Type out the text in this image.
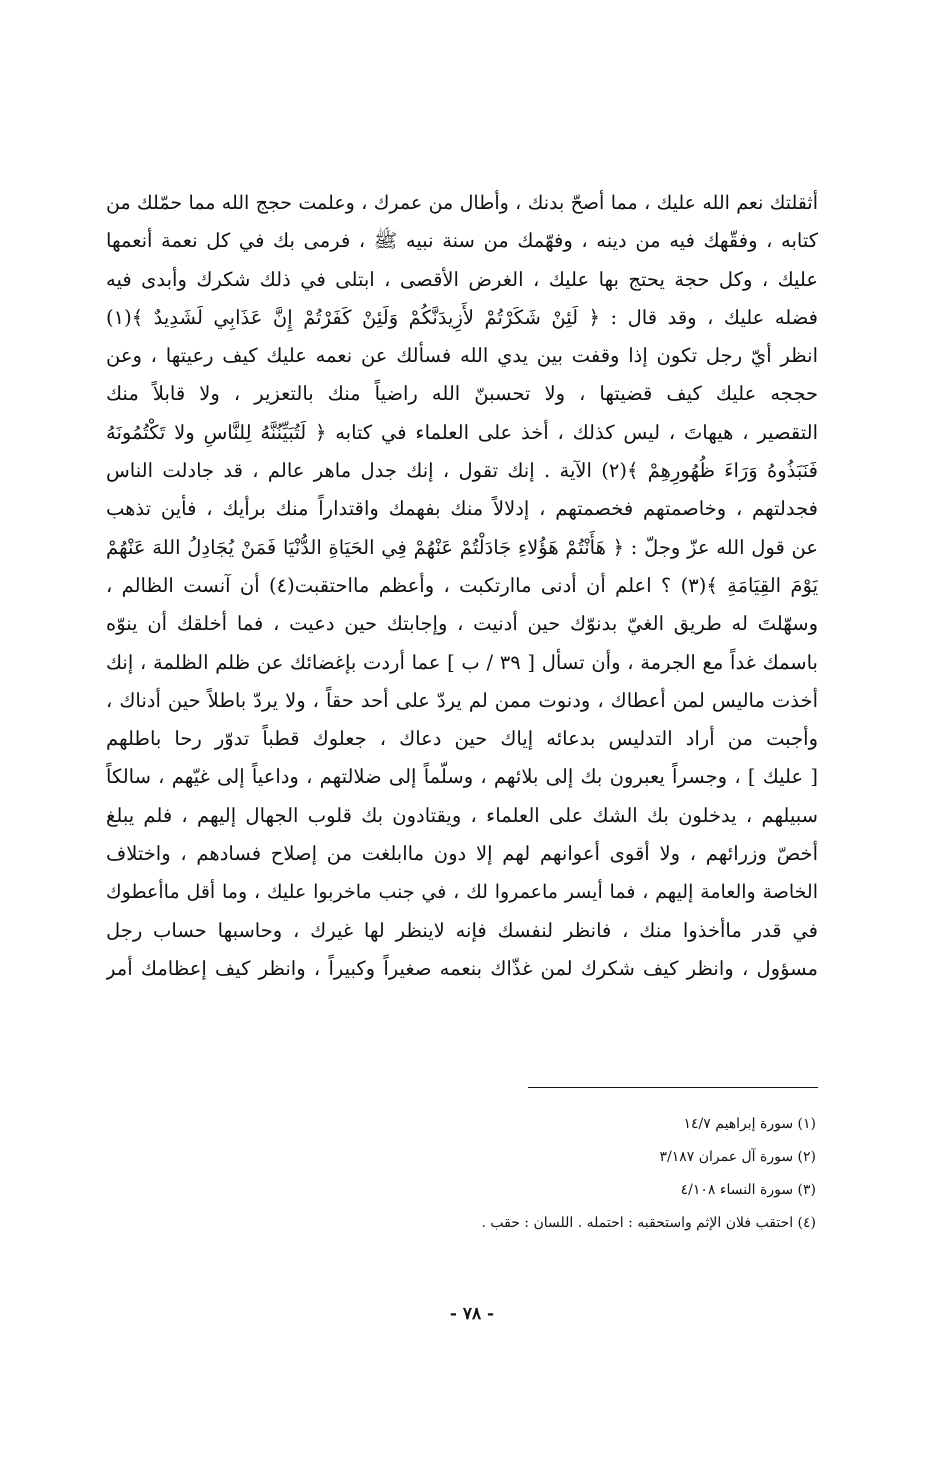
أثقلتك نعم الله عليك ، مما أصحّ بدنك ، وأطال من عمرك ، وعلمت حجج الله مما حمّلك من
كتابه ، وفقّهك فيه من دينه ، وفهّمك من سنة نبيه ﷺ ، فرمى بك في كل نعمة أنعمها
عليك ، وكل حجة يحتج بها عليك ، الغرض الأقصى ، ابتلى في ذلك شكرك وأبدى فيه
فضله عليك ، وقد قال : ﴿ لَئِنْ شَكَرْتُمْ لأَزِيدَنَّكُمْ وَلَئِنْ كَفَرْتُمْ إِنَّ عَذَابِي لَشَدِيدٌ ﴾(١)
انظر أيّ رجل تكون إذا وقفت بين يدي الله فسألك عن نعمه عليك كيف رعيتها ، وعن
حججه عليك كيف قضيتها ، ولا تحسبنّ الله راضياً منك بالتعزير ، ولا قابلاً منك
التقصير ، هيهاتَ ، ليس كذلك ، أخذ على العلماء في كتابه ﴿ لَتُبَيِّنُنَّهُ لِلنَّاسِ ولا تَكْتُمُونَهُ
فَنَبَذُوهُ وَرَاءَ ظُهُورِهِمْ ﴾(٢) الآية . إنك تقول ، إنك جدل ماهر عالم ، قد جادلت الناس
فجدلتهم ، وخاصمتهم فخصمتهم ، إدلالاً منك بفهمك واقتداراً منك برأيك ، فأين تذهب
عن قول الله عزّ وجلّ : ﴿ هَأَنْتُمْ هَؤُلاءِ جَادَلْتُمْ عَنْهُمْ فِي الحَيَاةِ الدُّنْيَا فَمَنْ يُجَادِلُ اللهَ عَنْهُمْ
يَوْمَ القِيَامَةِ ﴾(٣) ؟ اعلم أن أدنى ماارتكبت ، وأعظم مااحتقبت(٤) أن آنست الظالم ،
وسهّلتَ له طريق الغيّ بدنوّك حين أدنيت ، وإجابتك حين دعيت ، فما أخلقك أن ينوّه
باسمك غداً مع الجرمة ، وأن تسأل [ ٣٩ / ب ] عما أردت بإغضائك عن ظلم الظلمة ، إنك
أخذت ماليس لمن أعطاك ، ودنوت ممن لم يردّ على أحد حقاً ، ولا يردّ باطلاً حين أدناك ،
وأجبت من أراد التدليس بدعائه إياك حين دعاك ، جعلوك قطباً تدوّر رحا باطلهم
[ عليك ] ، وجسراً يعبرون بك إلى بلائهم ، وسلّماً إلى ضلالتهم ، وداعياً إلى غيّهم ، سالكاً
سبيلهم ، يدخلون بك الشك على العلماء ، ويقتادون بك قلوب الجهال إليهم ، فلم يبلغ
أخصّ وزرائهم ، ولا أقوى أعوانهم لهم إلا دون ماابلغت من إصلاح فسادهم ، واختلاف
الخاصة والعامة إليهم ، فما أيسر ماعمروا لك ، في جنب ماخربوا عليك ، وما أقل ماأعطوك
في قدر ماأخذوا منك ، فانظر لنفسك فإنه لاينظر لها غيرك ، وحاسبها حساب رجل
مسؤول ، وانظر كيف شكرك لمن غذّاك بنعمه صغيراً وكبيراً ، وانظر كيف إعظامك أمر
(١) سورة إبراهيم ١٤/٧
(٢) سورة آل عمران ٣/١٨٧
(٣) سورة النساء ٤/١٠٨
(٤) احتقب فلان الإثم واستحقبه : احتمله . اللسان : حقب .
- ٧٨ -
